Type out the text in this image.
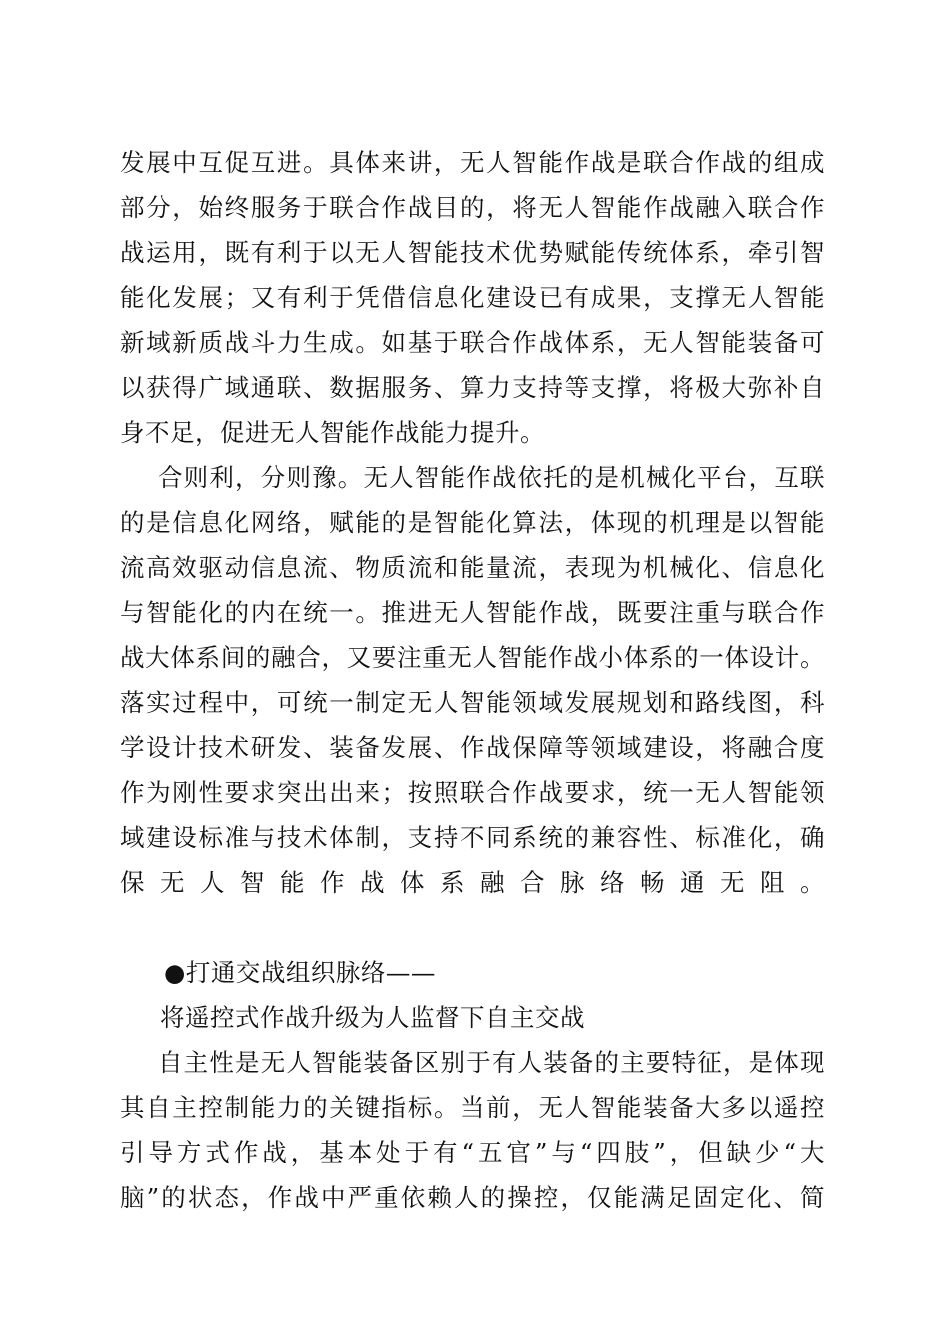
发展中互促互进。具体来讲，无人智能作战是联合作战的组成
部分，始终服务于联合作战目的，将无人智能作战融入联合作
战运用，既有利于以无人智能技术优势赋能传统体系，牵引智
能化发展；又有利于凭借信息化建设已有成果，支撑无人智能
新域新质战斗力生成。如基于联合作战体系，无人智能装备可
以获得广域通联、数据服务、算力支持等支撑，将极大弥补自
身不足，促进无人智能作战能力提升。
合则利，分则豫。无人智能作战依托的是机械化平台，互联
的是信息化网络，赋能的是智能化算法，体现的机理是以智能
流高效驱动信息流、物质流和能量流，表现为机械化、信息化
与智能化的内在统一。推进无人智能作战，既要注重与联合作
战大体系间的融合，又要注重无人智能作战小体系的一体设计。
落实过程中，可统一制定无人智能领域发展规划和路线图，科
学设计技术研发、装备发展、作战保障等领域建设，将融合度
作为刚性要求突出出来；按照联合作战要求，统一无人智能领
域建设标准与技术体制，支持不同系统的兼容性、标准化，确
保无人智能作战体系融合脉络畅通无阻。
●打通交战组织脉络——
将遥控式作战升级为人监督下自主交战
自主性是无人智能装备区别于有人装备的主要特征，是体现
其自主控制能力的关键指标。当前，无人智能装备大多以遥控
引导方式作战，基本处于有“五官”与“四肢”，但缺少“大
脑”的状态，作战中严重依赖人的操控，仅能满足固定化、简
